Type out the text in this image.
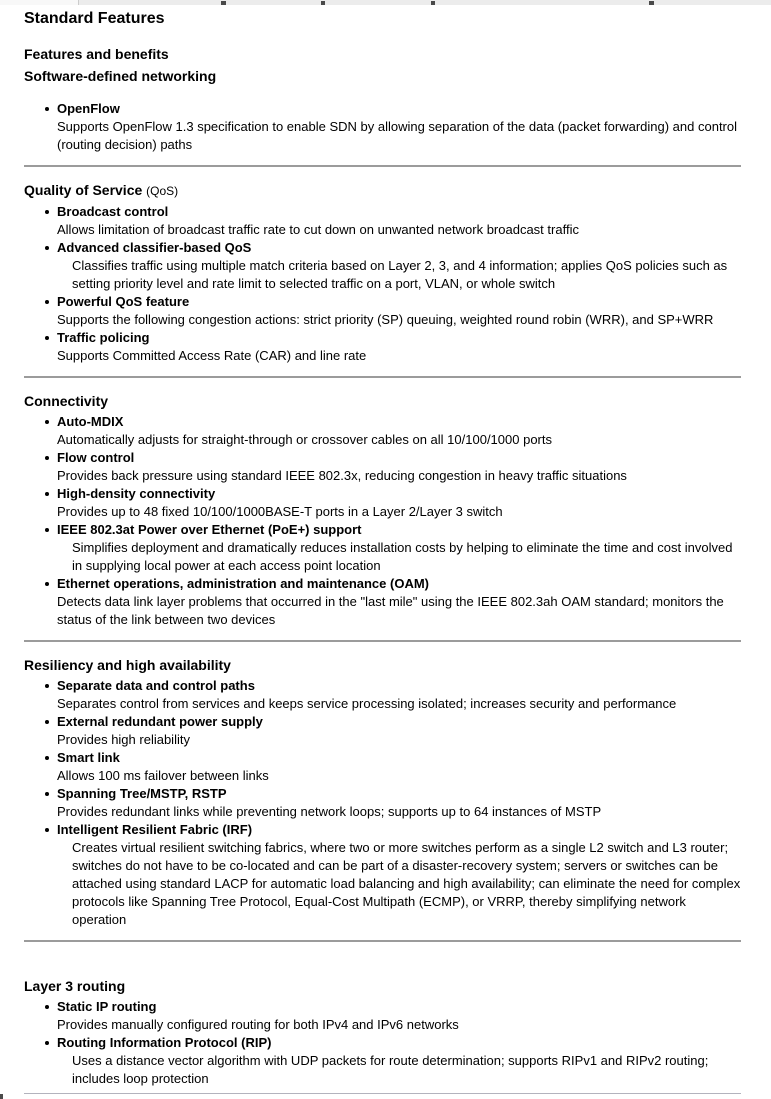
Standard Features
Features and benefits
Software-defined networking
OpenFlow
Supports OpenFlow 1.3 specification to enable SDN by allowing separation of the data (packet forwarding) and control (routing decision) paths
Quality of Service (QoS)
Broadcast control
Allows limitation of broadcast traffic rate to cut down on unwanted network broadcast traffic
Advanced classifier-based QoS
Classifies traffic using multiple match criteria based on Layer 2, 3, and 4 information; applies QoS policies such as setting priority level and rate limit to selected traffic on a port, VLAN, or whole switch
Powerful QoS feature
Supports the following congestion actions: strict priority (SP) queuing, weighted round robin (WRR), and SP+WRR
Traffic policing
Supports Committed Access Rate (CAR) and line rate
Connectivity
Auto-MDIX
Automatically adjusts for straight-through or crossover cables on all 10/100/1000 ports
Flow control
Provides back pressure using standard IEEE 802.3x, reducing congestion in heavy traffic situations
High-density connectivity
Provides up to 48 fixed 10/100/1000BASE-T ports in a Layer 2/Layer 3 switch
IEEE 802.3at Power over Ethernet (PoE+) support
Simplifies deployment and dramatically reduces installation costs by helping to eliminate the time and cost involved in supplying local power at each access point location
Ethernet operations, administration and maintenance (OAM)
Detects data link layer problems that occurred in the "last mile" using the IEEE 802.3ah OAM standard; monitors the status of the link between two devices
Resiliency and high availability
Separate data and control paths
Separates control from services and keeps service processing isolated; increases security and performance
External redundant power supply
Provides high reliability
Smart link
Allows 100 ms failover between links
Spanning Tree/MSTP, RSTP
Provides redundant links while preventing network loops; supports up to 64 instances of MSTP
Intelligent Resilient Fabric (IRF)
Creates virtual resilient switching fabrics, where two or more switches perform as a single L2 switch and L3 router; switches do not have to be co-located and can be part of a disaster-recovery system; servers or switches can be attached using standard LACP for automatic load balancing and high availability; can eliminate the need for complex protocols like Spanning Tree Protocol, Equal-Cost Multipath (ECMP), or VRRP, thereby simplifying network operation
Layer 3 routing
Static IP routing
Provides manually configured routing for both IPv4 and IPv6 networks
Routing Information Protocol (RIP)
Uses a distance vector algorithm with UDP packets for route determination; supports RIPv1 and RIPv2 routing; includes loop protection
